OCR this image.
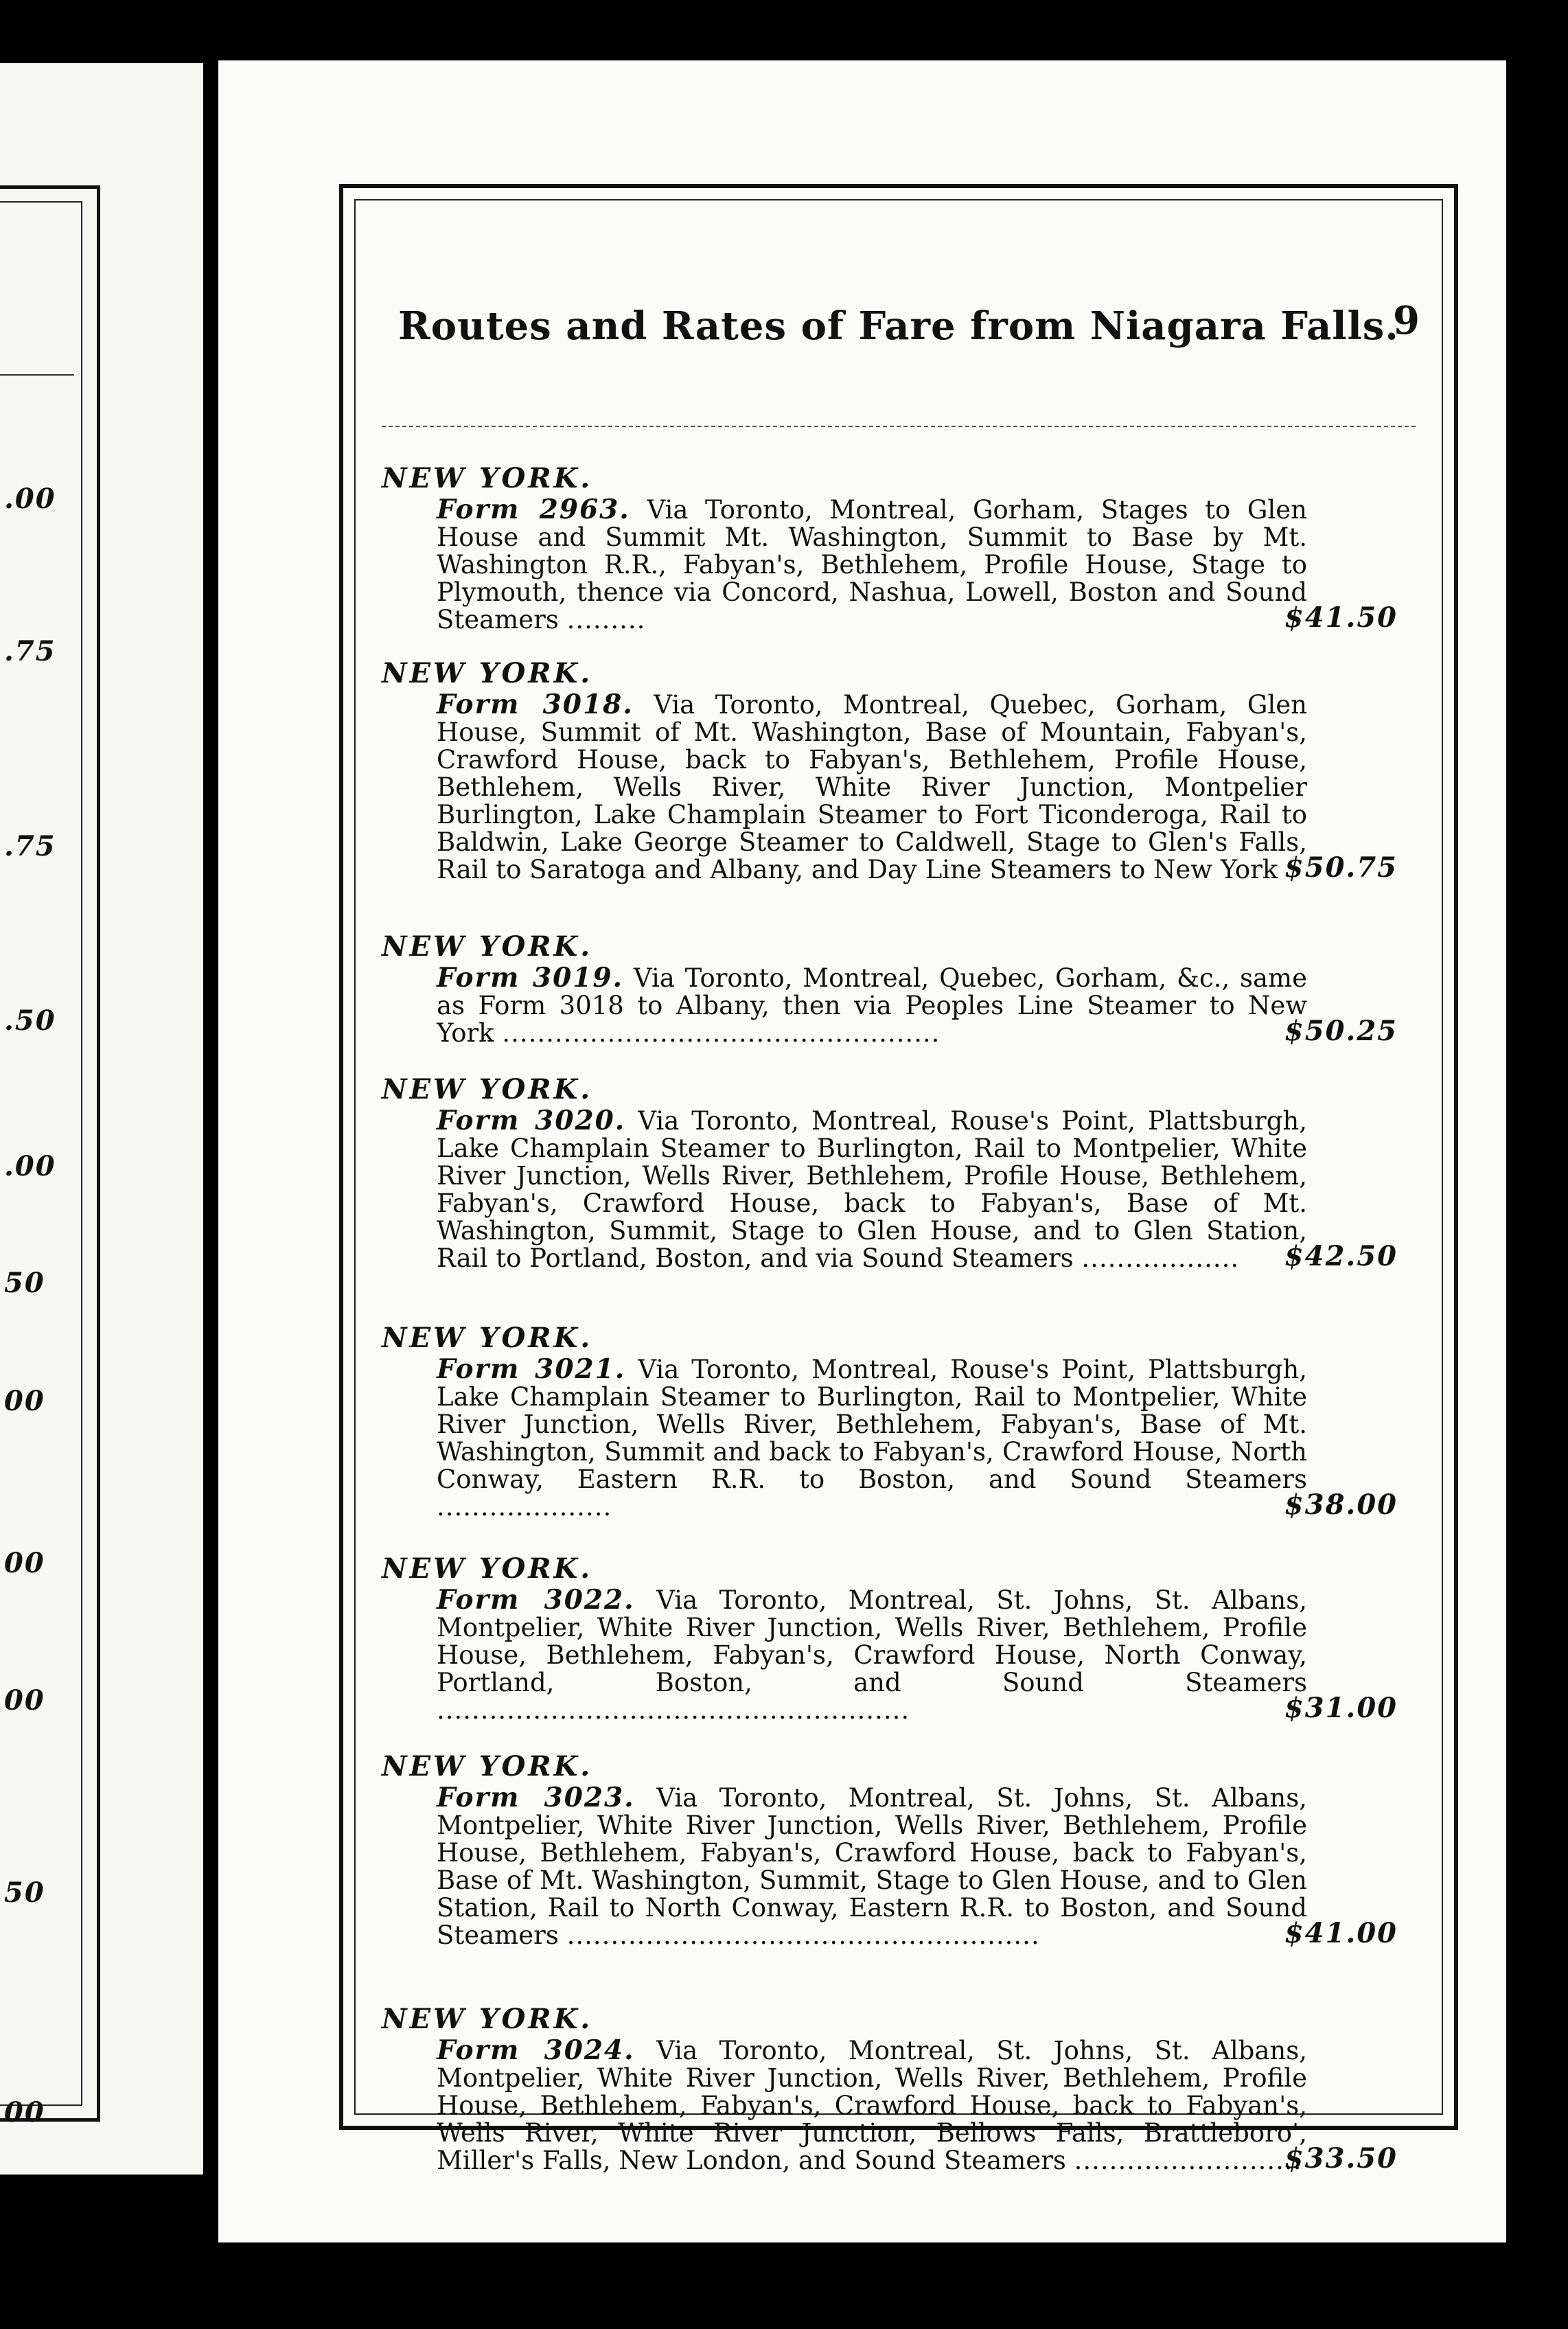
.00
.75
.75
.50
.00
50
00
00
00
50
00
Routes and Rates of Fare from Niagara Falls.
9
NEW YORK.
Form 2963. Via Toronto, Montreal, Gorham, Stages to Glen House and Summit Mt. Washington, Summit to Base by Mt. Washington R.R., Fabyan's, Bethlehem, Profile House, Stage to Plymouth, thence via Concord, Nashua, Lowell, Boston and Sound Steamers .........	$41.50
NEW YORK.
Form 3018. Via Toronto, Montreal, Quebec, Gorham, Glen House, Summit of Mt. Washington, Base of Mountain, Fabyan's, Crawford House, back to Fabyan's, Bethlehem, Profile House, Bethlehem, Wells River, White River Junction, Montpelier Burlington, Lake Champlain Steamer to Fort Ticonderoga, Rail to Baldwin, Lake George Steamer to Caldwell, Stage to Glen's Falls, Rail to Saratoga and Albany, and Day Line Steamers to New York $50.75
NEW YORK.
Form 3019. Via Toronto, Montreal, Quebec, Gorham, &c., same as Form 3018 to Albany, then via Peoples Line Steamer to New York ..................................................	$50.25
NEW YORK.
Form 3020. Via Toronto, Montreal, Rouse's Point, Plattsburgh, Lake Champlain Steamer to Burlington, Rail to Montpelier, White River Junction, Wells River, Bethlehem, Profile House, Bethlehem, Fabyan's, Crawford House, back to Fabyan's, Base of Mt. Washington, Summit, Stage to Glen House, and to Glen Station, Rail to Portland, Boston, and via Sound Steamers ..................	$42.50
NEW YORK.
Form 3021. Via Toronto, Montreal, Rouse's Point, Plattsburgh, Lake Champlain Steamer to Burlington, Rail to Montpelier, White River Junction, Wells River, Bethlehem, Fabyan's, Base of Mt. Washington, Summit and back to Fabyan's, Crawford House, North Conway, Eastern R.R. to Boston, and Sound Steamers ....................	$38.00
NEW YORK.
Form 3022. Via Toronto, Montreal, St. Johns, St. Albans, Montpelier, White River Junction, Wells River, Bethlehem, Profile House, Bethlehem, Fabyan's, Crawford House, North Conway, Portland, Boston, and Sound Steamers ......................................................	$31.00
NEW YORK.
Form 3023. Via Toronto, Montreal, St. Johns, St. Albans, Montpelier, White River Junction, Wells River, Bethlehem, Profile House, Bethlehem, Fabyan's, Crawford House, back to Fabyan's, Base of Mt. Washington, Summit, Stage to Glen House, and to Glen Station, Rail to North Conway, Eastern R.R. to Boston, and Sound Steamers ......................................................	$41.00
NEW YORK.
Form 3024. Via Toronto, Montreal, St. Johns, St. Albans, Montpelier, White River Junction, Wells River, Bethlehem, Profile House, Bethlehem, Fabyan's, Crawford House, back to Fabyan's, Wells River, White River Junction, Bellows Falls, Brattleboro', Miller's Falls, New London, and Sound Steamers ..........................
$33.50
